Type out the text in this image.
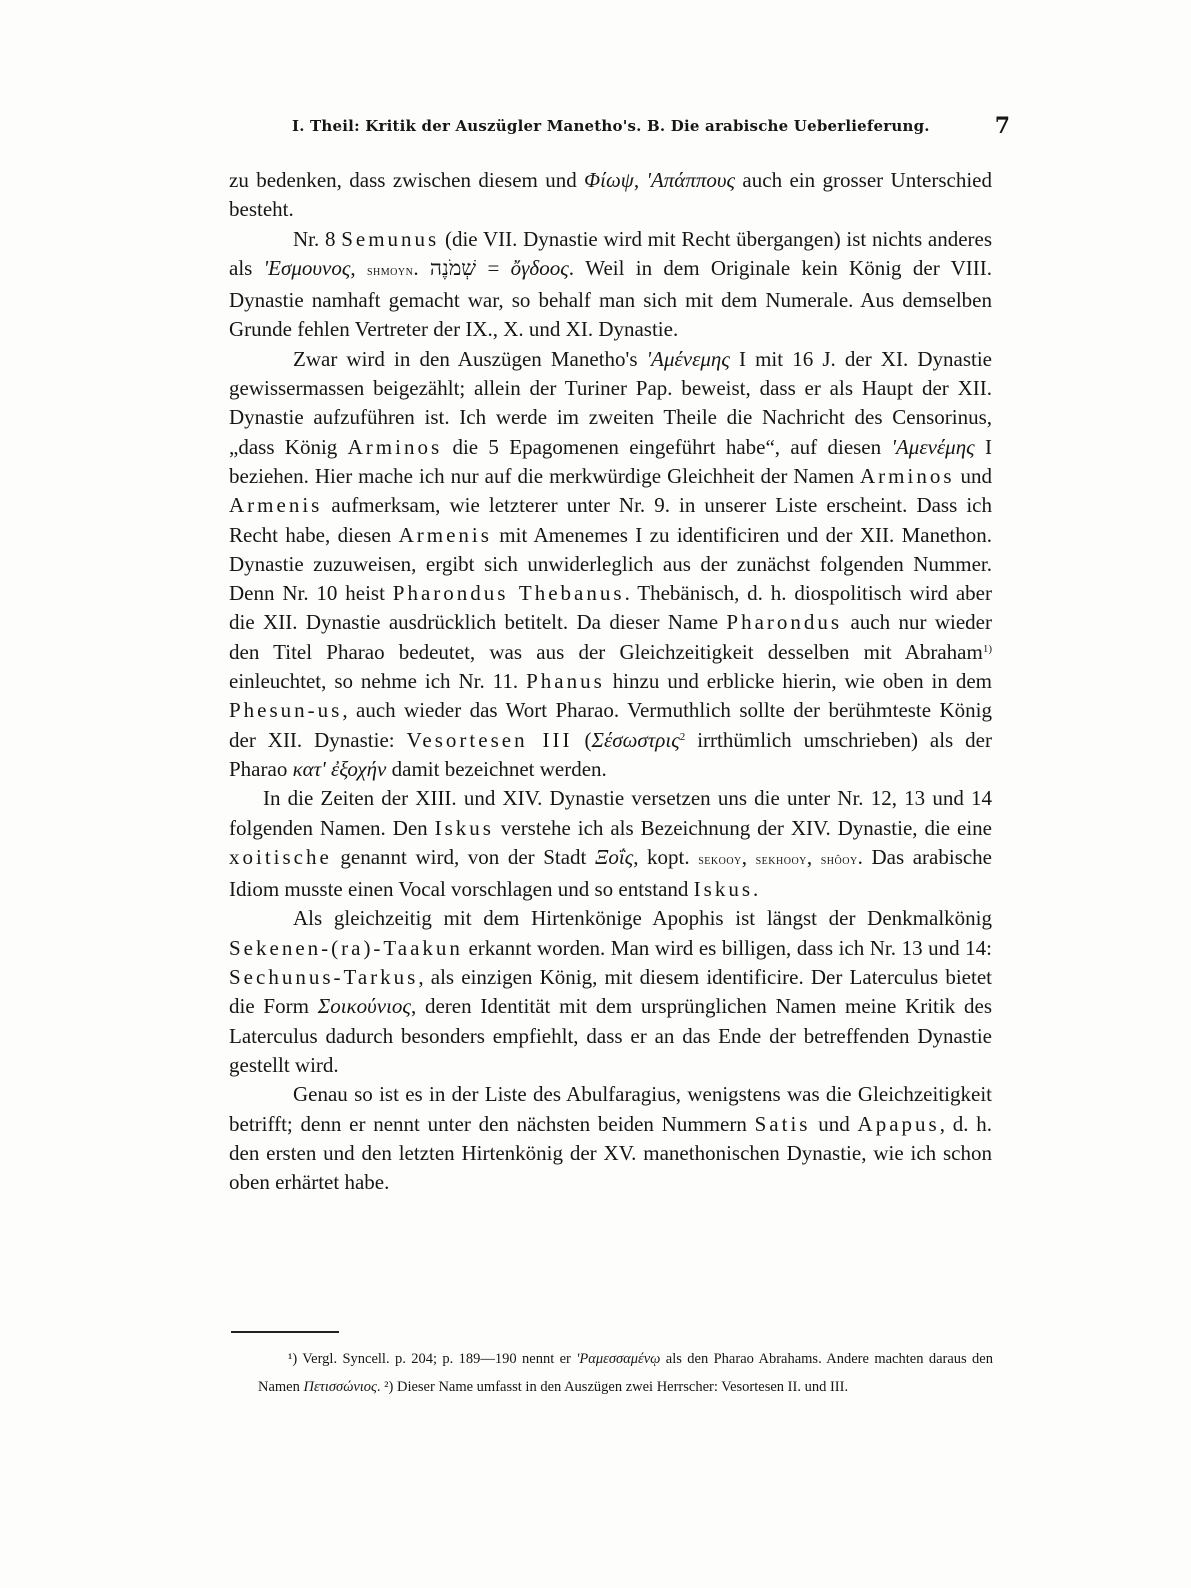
I. Theil: Kritik der Auszügler Manetho's. B. Die arabische Ueberlieferung.	7

zu bedenken, dass zwischen diesem und Φίωψ, 'Απάππους auch ein grosser Unterschied besteht.

Nr. 8 Semunus (die VII. Dynastie wird mit Recht übergangen) ist nichts anderes als 'Εσμουνος, shmoyn. שְׁמֹנֶה = ὄγδοος. Weil in dem Originale kein König der VIII. Dynastie namhaft gemacht war, so behalf man sich mit dem Numerale. Aus demselben Grunde fehlen Vertreter der IX., X. und XI. Dynastie.

Zwar wird in den Auszügen Manetho's 'Αμένεμης I mit 16 J. der XI. Dynastie gewissermassen beigezählt; allein der Turiner Pap. beweist, dass er als Haupt der XII. Dynastie aufzuführen ist. Ich werde im zweiten Theile die Nachricht des Censorinus, „dass König Arminos die 5 Epagomenen eingeführt habe“, auf diesen 'Αμενέμης I beziehen. Hier mache ich nur auf die merkwürdige Gleichheit der Namen Arminos und Armenis aufmerksam, wie letzterer unter Nr. 9. in unserer Liste erscheint. Dass ich Recht habe, diesen Armenis mit Amenemes I zu identificiren und der XII. Manethon. Dynastie zuzuweisen, ergibt sich unwiderleglich aus der zunächst folgenden Nummer. Denn Nr. 10 heist Pharondus Thebanus. Thebänisch, d. h. diospolitisch wird aber die XII. Dynastie ausdrücklich betitelt. Da dieser Name Pharondus auch nur wieder den Titel Pharao bedeutet, was aus der Gleichzeitigkeit desselben mit Abraham$^{1)}$ einleuchtet, so nehme ich Nr. 11. Phanus hinzu und erblicke hierin, wie oben in dem Phesun-us, auch wieder das Wort Pharao. Vermuthlich sollte der berühmteste König der XII. Dynastie: Vesortesen III (Σέσωστρις$^2$ irrthümlich umschrieben) als der Pharao κατ' ἐξοχήν damit bezeichnet werden.

In die Zeiten der XIII. und XIV. Dynastie versetzen uns die unter Nr. 12, 13 und 14 folgenden Namen. Den Iskus verstehe ich als Bezeichnung der XIV. Dynastie, die eine xoitische genannt wird, von der Stadt Ξοΐς, kopt. sekooy, sekhooy, shôoy. Das arabische Idiom musste einen Vocal vorschlagen und so entstand Iskus.

Als gleichzeitig mit dem Hirtenkönige Apophis ist längst der Denkmalkönig Sekenen-(ra)-Taakun erkannt worden. Man wird es billigen, dass ich Nr. 13 und 14: Sechunus-Tarkus, als einzigen König, mit diesem identificire. Der Laterculus bietet die Form Σοικούνιος, deren Identität mit dem ursprünglichen Namen meine Kritik des Laterculus dadurch besonders empfiehlt, dass er an das Ende der betreffenden Dynastie gestellt wird.

Genau so ist es in der Liste des Abulfaragius, wenigstens was die Gleichzeitigkeit betrifft; denn er nennt unter den nächsten beiden Nummern Satis und Apapus, d. h. den ersten und den letzten Hirtenkönig der XV. manethonischen Dynastie, wie ich schon oben erhärtet habe.

¹) Vergl. Syncell. p. 204; p. 189—190 nennt er 'Ραμεσσαμένῳ als den Pharao Abrahams. Andere machten daraus den Namen Πετισσώνιος. ²) Dieser Name umfasst in den Auszügen zwei Herrscher: Vesortesen II. und III.
